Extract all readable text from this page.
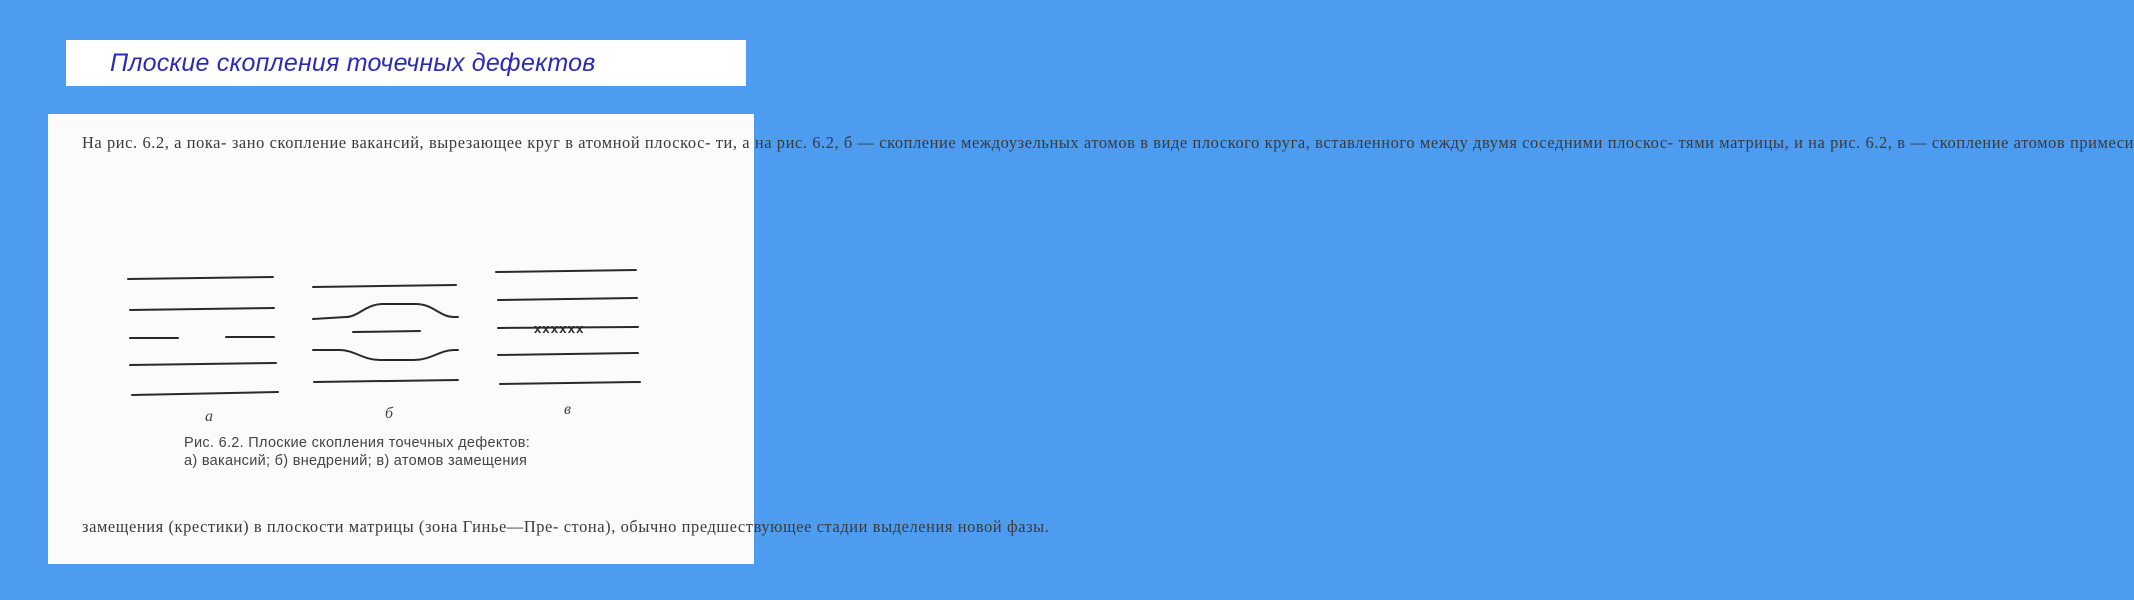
Плоские скопления точечных дефектов
На рис. 6.2, а пока- зано скопление вакансий, вырезающее круг в атомной плоскос- ти, а на рис. 6.2, б — скопление междоузельных атомов в виде плоского круга, вставленного между двумя соседними плоскос- тями матрицы, и на рис. 6.2, в — скопление атомов примеси
xxxxxx
а	б	в
Рис. 6.2. Плоские скопления точечных дефектов:
а) вакансий; б) внедрений; в) атомов замещения
замещения (крестики) в плоскости матрицы (зона Гинье—Пре- стона), обычно предшествующее стадии выделения новой фазы.
